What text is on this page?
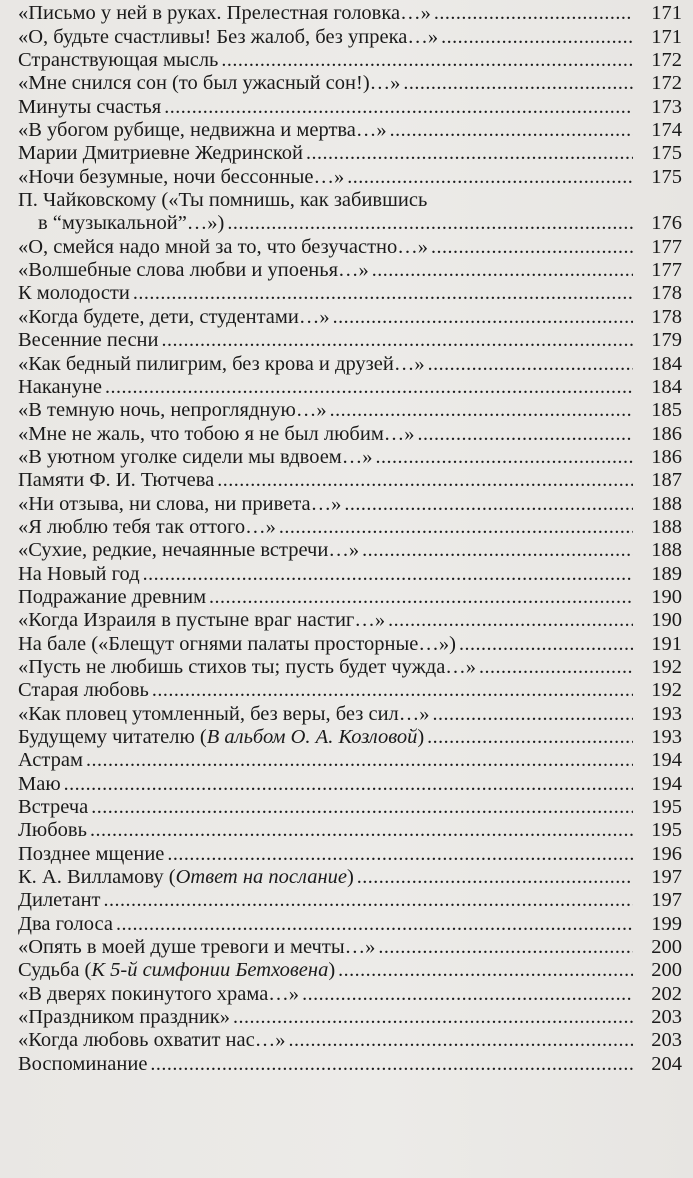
«Письмо у ней в руках. Прелестная головка…» .....	171
«О, будьте счастливы! Без жалоб, без упрека…» .....	171
Странствующая мысль .....	172
«Мне снился сон (то был ужасный сон!)…» .....	172
Минуты счастья .....	173
«В убогом рубище, недвижна и мертва…» .....	174
Марии Дмитриевне Жедринской .....	175
«Ночи безумные, ночи бессонные…» .....	175
П. Чайковскому («Ты помнишь, как забившись
в “музыкальной”…») .....	176
«О, смейся надо мной за то, что безучастно…» .....	177
«Волшебные слова любви и упоенья…» .....	177
К молодости .....	178
«Когда будете, дети, студентами…» .....	178
Весенние песни .....	179
«Как бедный пилигрим, без крова и друзей…» .....	184
Накануне .....	184
«В темную ночь, непроглядную…» .....	185
«Мне не жаль, что тобою я не был любим…» .....	186
«В уютном уголке сидели мы вдвоем…» .....	186
Памяти Ф. И. Тютчева .....	187
«Ни отзыва, ни слова, ни привета…» .....	188
«Я люблю тебя так оттого…» .....	188
«Сухие, редкие, нечаянные встречи…» .....	188
На Новый год .....	189
Подражание древним .....	190
«Когда Израиля в пустыне враг настиг…» .....	190
На бале («Блещут огнями палаты просторные…») .....	191
«Пусть не любишь стихов ты; пусть будет чужда…» .....	192
Старая любовь .....	192
«Как пловец утомленный, без веры, без сил…» .....	193
Будущему читателю (В альбом О. А. Козловой) .....	193
Астрам .....	194
Маю .....	194
Встреча .....	195
Любовь .....	195
Позднее мщение .....	196
К. А. Вилламову (Ответ на послание) .....	197
Дилетант .....	197
Два голоса .....	199
«Опять в моей душе тревоги и мечты…» .....	200
Судьба (К 5-й симфонии Бетховена) .....	200
«В дверях покинутого храма…» .....	202
«Праздником праздник» .....	203
«Когда любовь охватит нас…» .....	203
Воспоминание .....	204
